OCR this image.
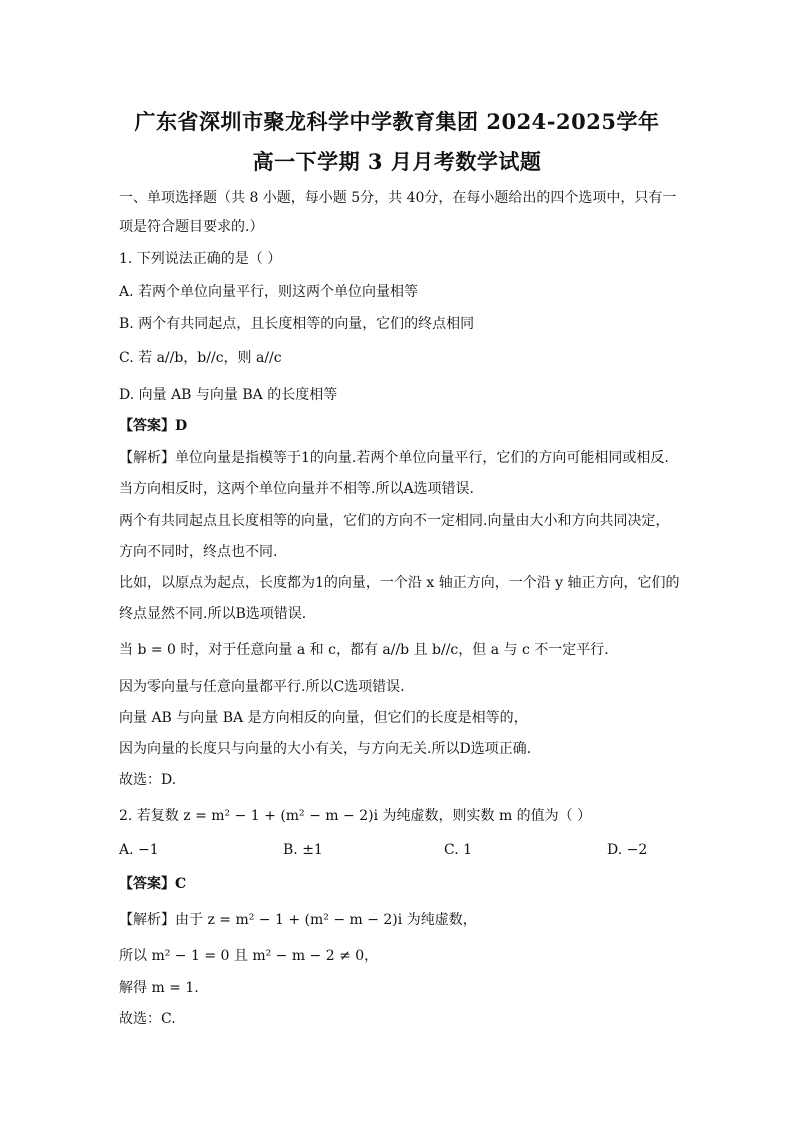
广东省深圳市聚龙科学中学教育集团 2024-2025学年
高一下学期 3 月月考数学试题
一、单项选择题（共 8 小题，每小题 5分，共 40分，在每小题给出的四个选项中，只有一
项是符合题目要求的.）
1. 下列说法正确的是（ ）
A. 若两个单位向量平行，则这两个单位向量相等
B. 两个有共同起点，且长度相等的向量，它们的终点相同
C. 若 a//b，b//c，则 a//c
D. 向量 AB 与向量 BA 的长度相等
【答案】D
【解析】单位向量是指模等于1的向量.若两个单位向量平行，它们的方向可能相同或相反.
当方向相反时，这两个单位向量并不相等.所以A选项错误.
两个有共同起点且长度相等的向量，它们的方向不一定相同.向量由大小和方向共同决定，
方向不同时，终点也不同.
比如，以原点为起点，长度都为1的向量，一个沿 x 轴正方向，一个沿 y 轴正方向，它们的
终点显然不同.所以B选项错误.
当 b = 0 时，对于任意向量 a 和 c，都有 a//b 且 b//c，但 a 与 c 不一定平行.
因为零向量与任意向量都平行.所以C选项错误.
向量 AB 与向量 BA 是方向相反的向量，但它们的长度是相等的，
因为向量的长度只与向量的大小有关，与方向无关.所以D选项正确.
故选：D.
2. 若复数 z = m² − 1 + (m² − m − 2)i 为纯虚数，则实数 m 的值为（ ）
A. −1	B. ±1	C. 1	D. −2
【答案】C
【解析】由于 z = m² − 1 + (m² − m − 2)i 为纯虚数，
所以 m² − 1 = 0 且 m² − m − 2 ≠ 0，
解得 m = 1.
故选：C.
